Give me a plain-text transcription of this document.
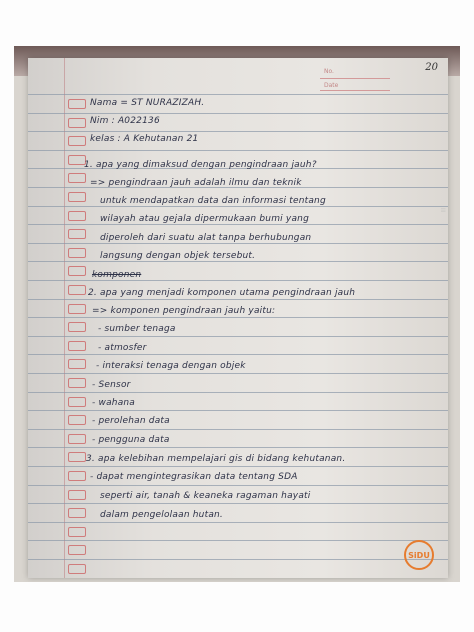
20
No.
Date
Nama = ST NURAZIZAH.
Nim : A022136
kelas : A Kehutanan 21
1. apa yang dimaksud dengan pengindraan jauh?
=> pengindraan jauh adalah ilmu dan teknik
untuk mendapatkan data dan informasi tentang
wilayah atau gejala dipermukaan bumi yang
diperoleh dari suatu alat tanpa berhubungan
langsung dengan objek tersebut.
komponen
2. apa yang menjadi komponen utama pengindraan jauh
=> komponen pengindraan jauh yaitu:
- sumber tenaga
- atmosfer
- interaksi tenaga dengan objek
- Sensor
- wahana
- perolehan data
- pengguna data
3. apa kelebihan mempelajari gis di bidang kehutanan.
- dapat mengintegrasikan data tentang SDA
seperti air, tanah & keaneka ragaman hayati
dalam pengelolaan hutan.
|||
SiDU
